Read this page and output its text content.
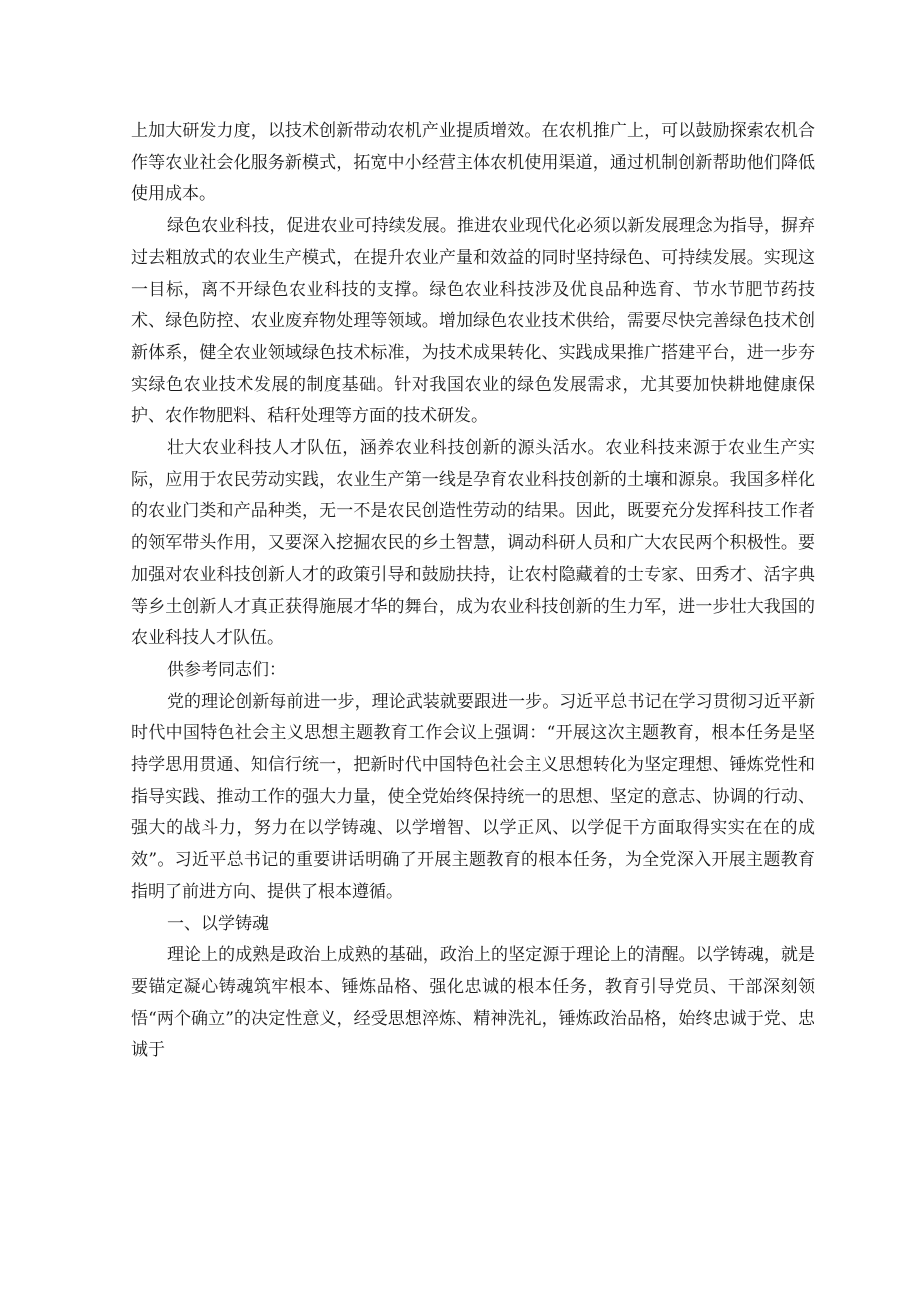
上加大研发力度，以技术创新带动农机产业提质增效。在农机推广上，可以鼓励探索农机合作等农业社会化服务新模式，拓宽中小经营主体农机使用渠道，通过机制创新帮助他们降低使用成本。

绿色农业科技，促进农业可持续发展。推进农业现代化必须以新发展理念为指导，摒弃过去粗放式的农业生产模式，在提升农业产量和效益的同时坚持绿色、可持续发展。实现这一目标，离不开绿色农业科技的支撑。绿色农业科技涉及优良品种选育、节水节肥节药技术、绿色防控、农业废弃物处理等领域。增加绿色农业技术供给，需要尽快完善绿色技术创新体系，健全农业领域绿色技术标准，为技术成果转化、实践成果推广搭建平台，进一步夯实绿色农业技术发展的制度基础。针对我国农业的绿色发展需求，尤其要加快耕地健康保护、农作物肥料、秸秆处理等方面的技术研发。

壮大农业科技人才队伍，涵养农业科技创新的源头活水。农业科技来源于农业生产实际，应用于农民劳动实践，农业生产第一线是孕育农业科技创新的土壤和源泉。我国多样化的农业门类和产品种类，无一不是农民创造性劳动的结果。因此，既要充分发挥科技工作者的领军带头作用，又要深入挖掘农民的乡土智慧，调动科研人员和广大农民两个积极性。要加强对农业科技创新人才的政策引导和鼓励扶持，让农村隐藏着的士专家、田秀才、活字典等乡土创新人才真正获得施展才华的舞台，成为农业科技创新的生力军，进一步壮大我国的农业科技人才队伍。

供参考同志们：

党的理论创新每前进一步，理论武装就要跟进一步。习近平总书记在学习贯彻习近平新时代中国特色社会主义思想主题教育工作会议上强调：“开展这次主题教育，根本任务是坚持学思用贯通、知信行统一，把新时代中国特色社会主义思想转化为坚定理想、锤炼党性和指导实践、推动工作的强大力量，使全党始终保持统一的思想、坚定的意志、协调的行动、强大的战斗力，努力在以学铸魂、以学增智、以学正风、以学促干方面取得实实在在的成效”。习近平总书记的重要讲话明确了开展主题教育的根本任务，为全党深入开展主题教育指明了前进方向、提供了根本遵循。

一、以学铸魂

理论上的成熟是政治上成熟的基础，政治上的坚定源于理论上的清醒。以学铸魂，就是要锚定凝心铸魂筑牢根本、锤炼品格、强化忠诚的根本任务，教育引导党员、干部深刻领悟“两个确立”的决定性意义，经受思想淬炼、精神洗礼，锤炼政治品格，始终忠诚于党、忠诚于
